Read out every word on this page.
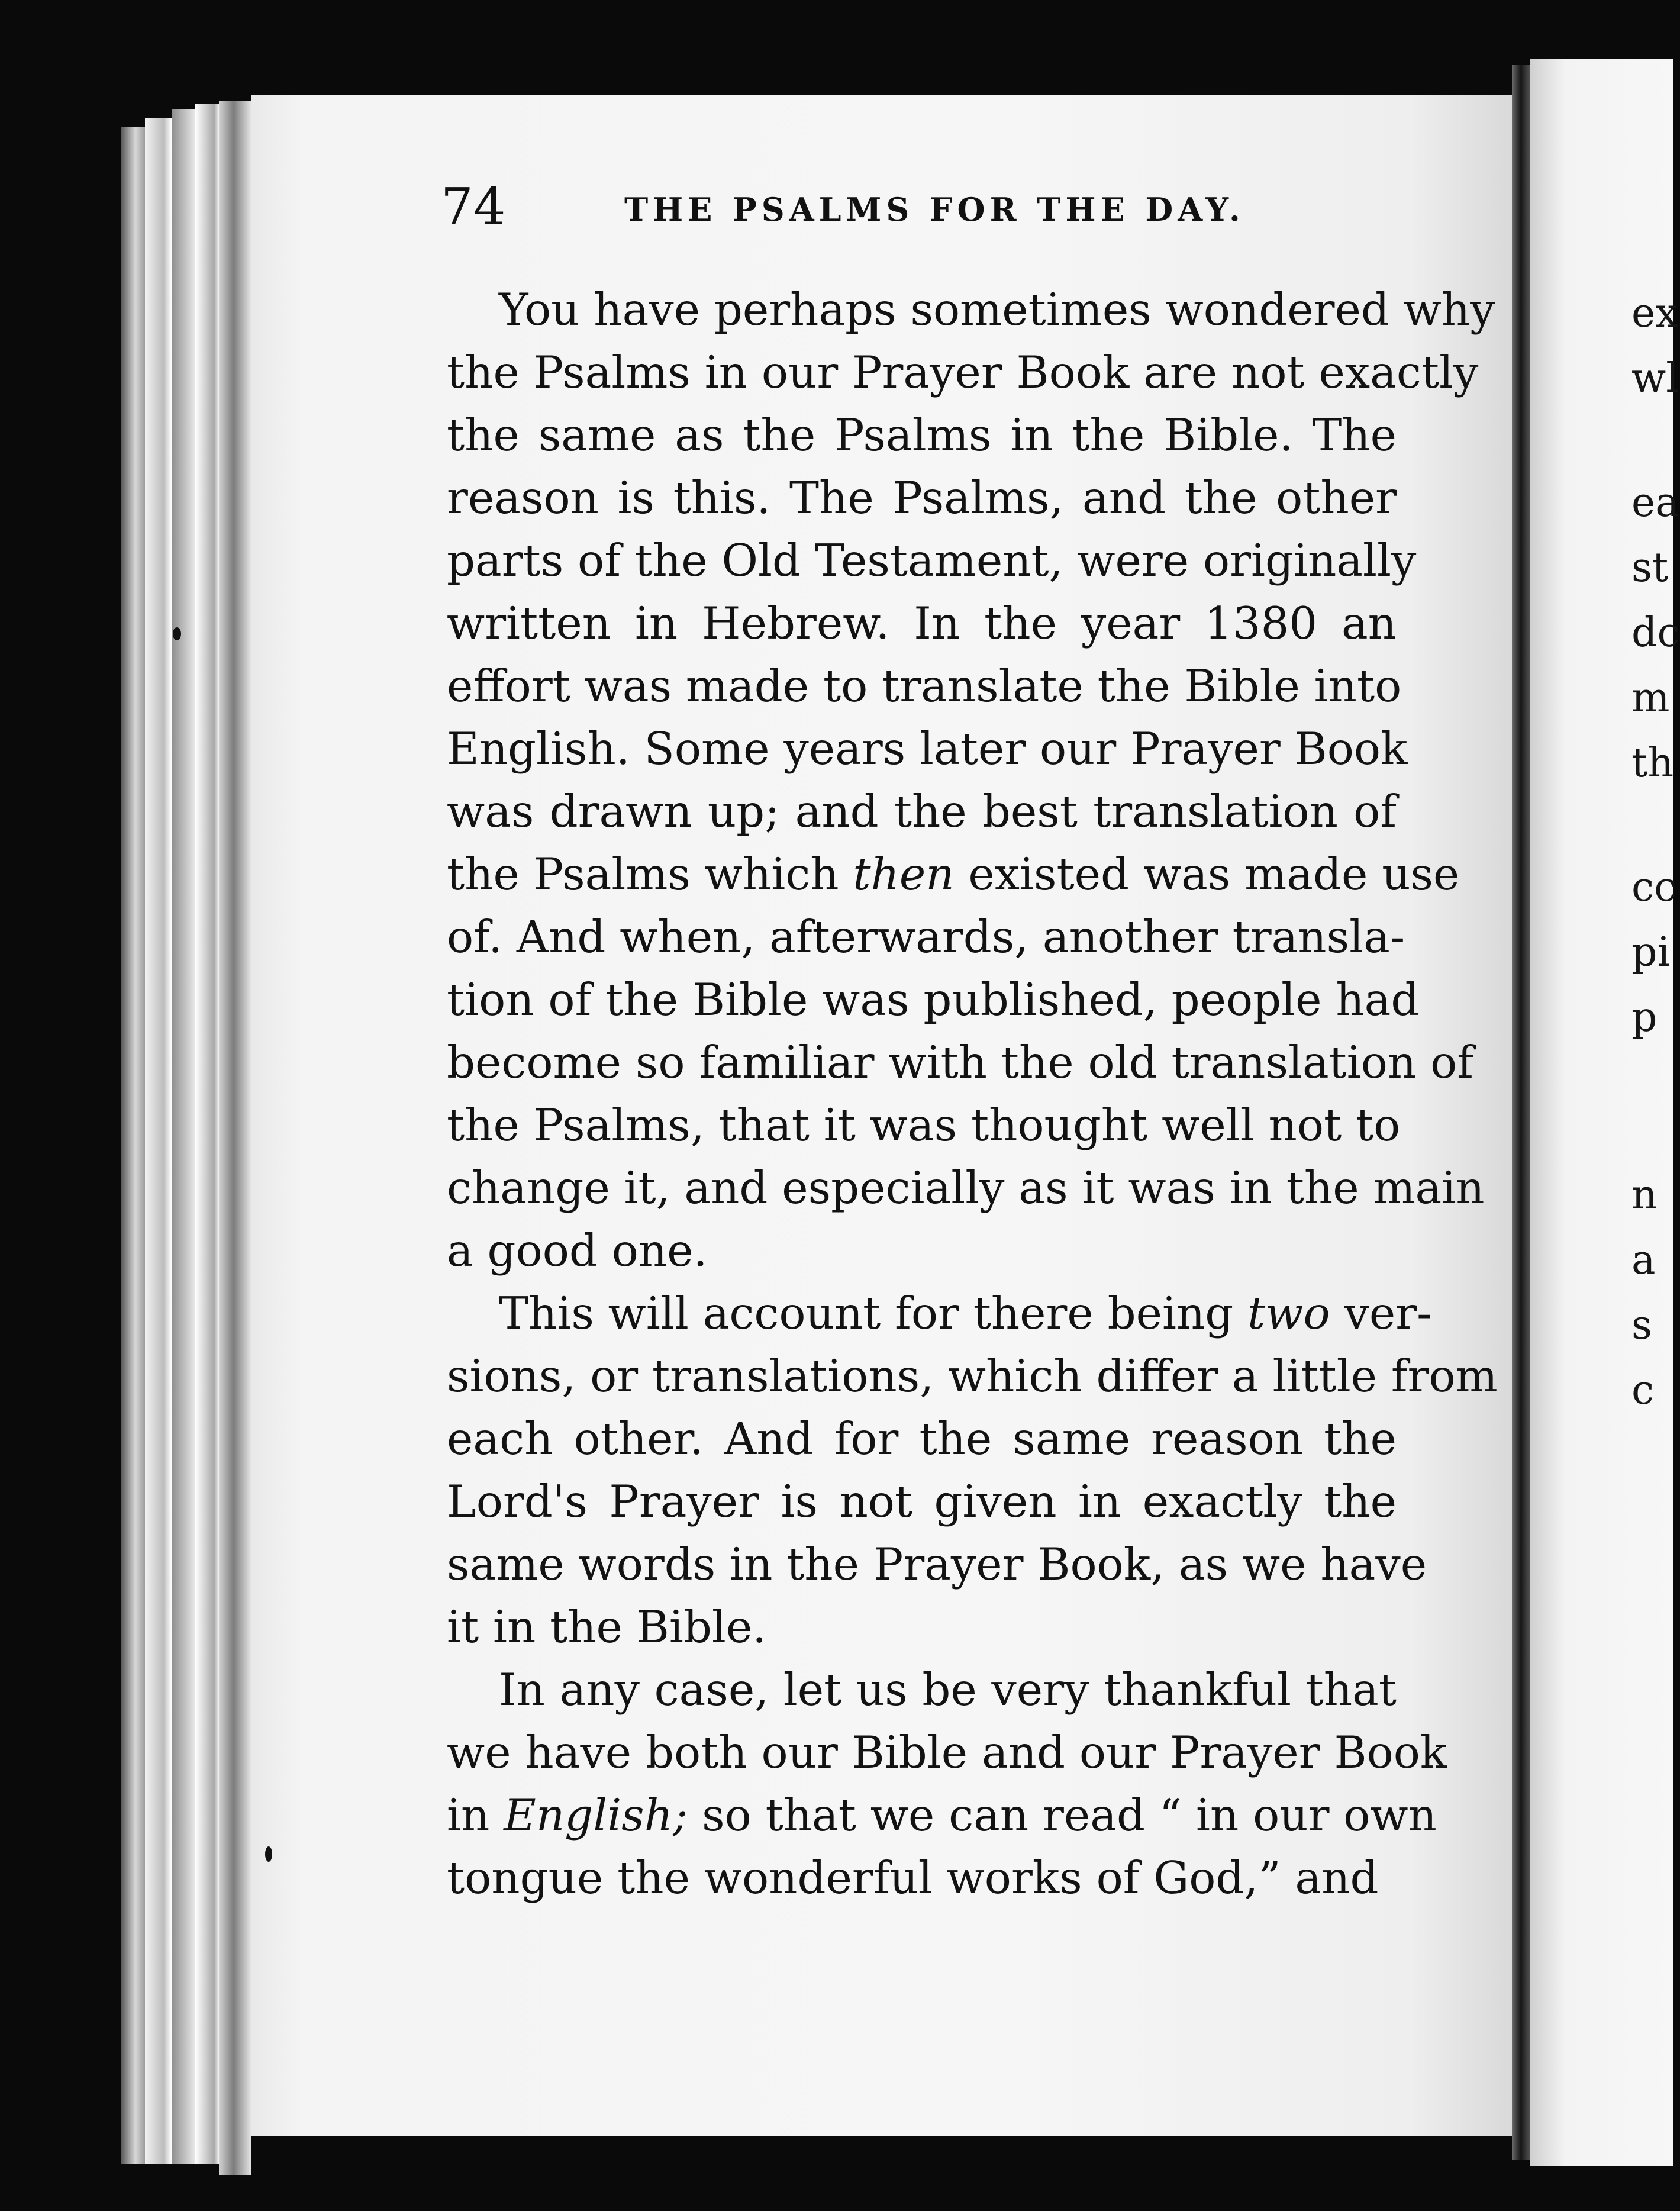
ex
wl
ea
st
dc
m
th
cc
pi
p
n
a
s
c
74	THE PSALMS FOR THE DAY.
You have perhaps sometimes wondered why
the Psalms in our Prayer Book are not exactly
the same as the Psalms in the Bible. The
reason is this. The Psalms, and the other
parts of the Old Testament, were originally
written in Hebrew. In the year 1380 an
effort was made to translate the Bible into
English. Some years later our Prayer Book
was drawn up; and the best translation of
the Psalms which then existed was made use
of. And when, afterwards, another transla-
tion of the Bible was published, people had
become so familiar with the old translation of
the Psalms, that it was thought well not to
change it, and especially as it was in the main
a good one.
This will account for there being two ver-
sions, or translations, which differ a little from
each other. And for the same reason the
Lord's Prayer is not given in exactly the
same words in the Prayer Book, as we have
it in the Bible.
In any case, let us be very thankful that
we have both our Bible and our Prayer Book
in English; so that we can read “ in our own
tongue the wonderful works of God,” and
